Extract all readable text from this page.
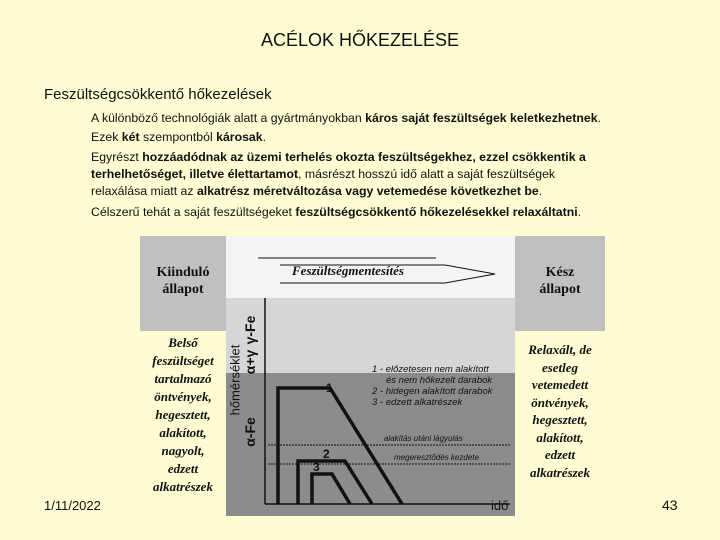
ACÉLOK HŐKEZELÉSE
Feszültségcsökkentő hőkezelések
A különböző technológiák alatt a gyártmányokban káros saját feszültségek keletkezhetnek.
Ezek két szempontból károsak.
Egyrészt hozzáadódnak az üzemi terhelés okozta feszültségekhez, ezzel csökkentik a
terhelhetőséget, illetve élettartamot, másrészt hosszú idő alatt a saját feszültségek
relaxálása miatt az alkatrész méretváltozása vagy vetemedése következhet be.
Célszerű tehát a saját feszültségeket feszültségcsökkentő hőkezelésekkel relaxáltatni.
Kiinduló
állapot
Kész
állapot
Feszültségmentesítés
Belső
feszültséget
tartalmazó
öntvények,
hegesztett,
alakított,
nagyolt,
edzett
alkatrészek
Relaxált, de
esetleg
vetemedett
öntvények,
hegesztett,
alakított,
edzett
alkatrészek
hőmérséklet
γ-Fe
α+γ
α-Fe
1 - előzetesen nem alakított
és nem hőkezelt darabok
2 - hidegen alakított darabok
3 - edzett alkatrészek
1
2
3
alakítás utáni lágyulás
megeresztődés kezdete
idő
1/11/2022	43
